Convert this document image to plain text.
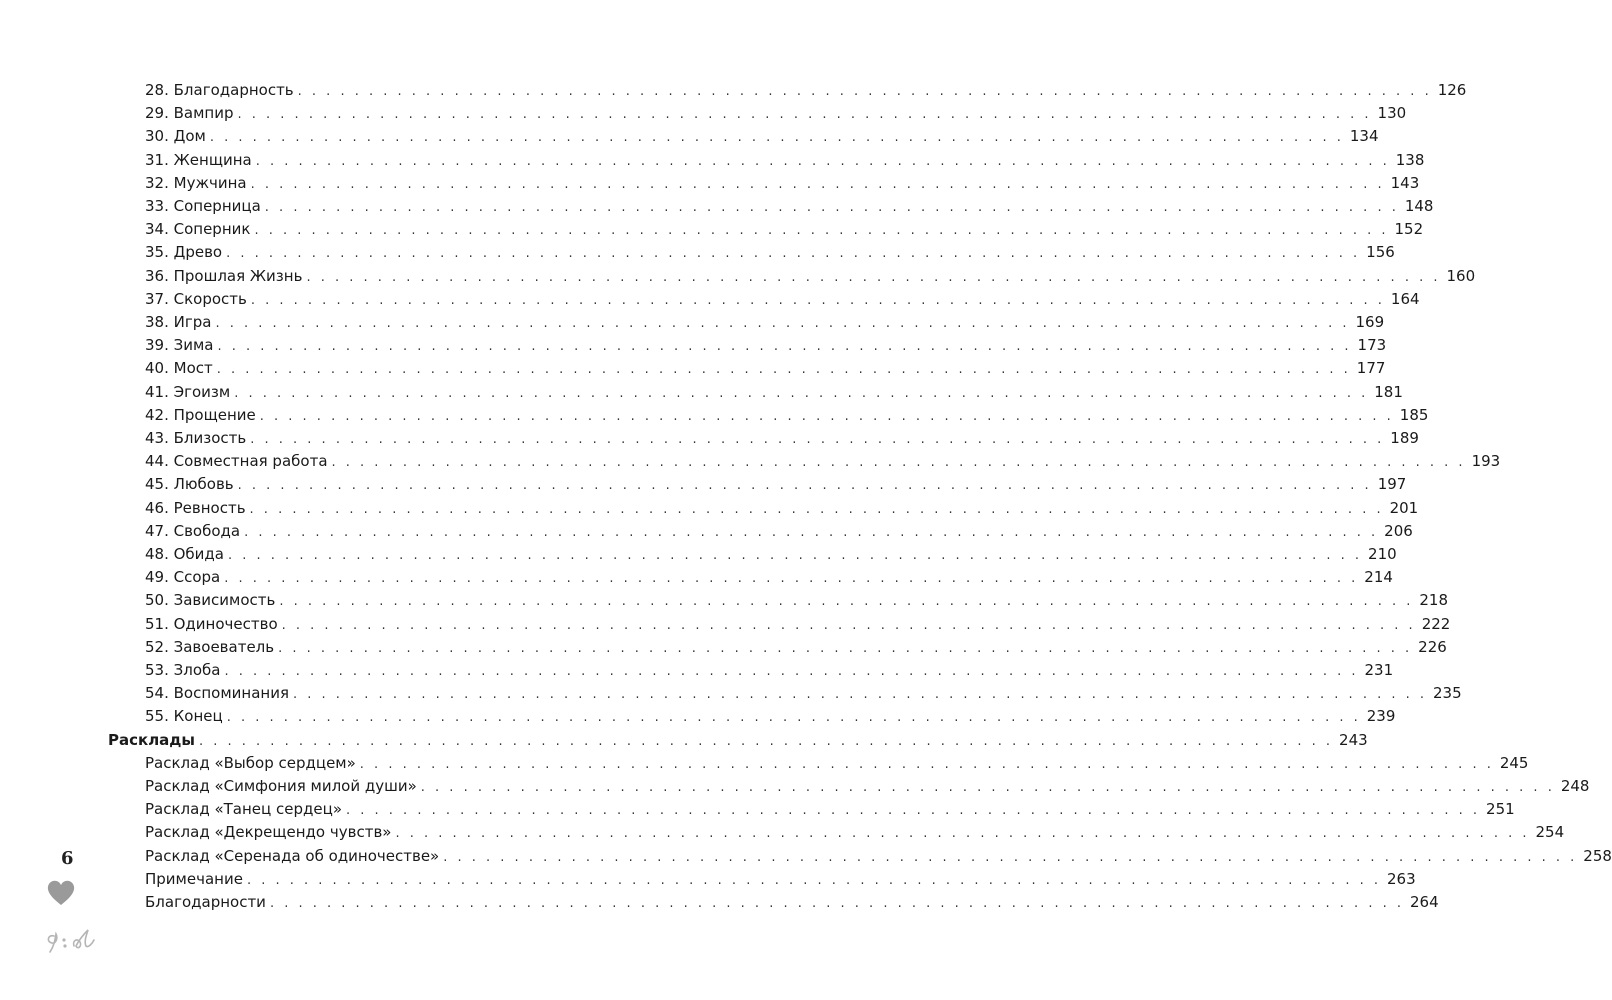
28. Благодарность . . . . . . . . . . . . . . . . . . . . . . . . . . . . . . . . . . . . . . . . . . . . . . . . . . . . . . . . . . . . . . . . . . . . . . . . . . . . . . . . 126
29. Вампир . . . . . . . . . . . . . . . . . . . . . . . . . . . . . . . . . . . . . . . . . . . . . . . . . . . . . . . . . . . . . . . . . . . . . . . . . . . . . . . . 130
30. Дом . . . . . . . . . . . . . . . . . . . . . . . . . . . . . . . . . . . . . . . . . . . . . . . . . . . . . . . . . . . . . . . . . . . . . . . . . . . . . . . . 134
31. Женщина . . . . . . . . . . . . . . . . . . . . . . . . . . . . . . . . . . . . . . . . . . . . . . . . . . . . . . . . . . . . . . . . . . . . . . . . . . . . . . . . 138
32. Мужчина . . . . . . . . . . . . . . . . . . . . . . . . . . . . . . . . . . . . . . . . . . . . . . . . . . . . . . . . . . . . . . . . . . . . . . . . . . . . . . . . 143
33. Соперница . . . . . . . . . . . . . . . . . . . . . . . . . . . . . . . . . . . . . . . . . . . . . . . . . . . . . . . . . . . . . . . . . . . . . . . . . . . . . . . . 148
34. Соперник . . . . . . . . . . . . . . . . . . . . . . . . . . . . . . . . . . . . . . . . . . . . . . . . . . . . . . . . . . . . . . . . . . . . . . . . . . . . . . . . 152
35. Древо . . . . . . . . . . . . . . . . . . . . . . . . . . . . . . . . . . . . . . . . . . . . . . . . . . . . . . . . . . . . . . . . . . . . . . . . . . . . . . . . 156
36. Прошлая Жизнь . . . . . . . . . . . . . . . . . . . . . . . . . . . . . . . . . . . . . . . . . . . . . . . . . . . . . . . . . . . . . . . . . . . . . . . . . . . . . . . . 160
37. Скорость . . . . . . . . . . . . . . . . . . . . . . . . . . . . . . . . . . . . . . . . . . . . . . . . . . . . . . . . . . . . . . . . . . . . . . . . . . . . . . . . 164
38. Игра . . . . . . . . . . . . . . . . . . . . . . . . . . . . . . . . . . . . . . . . . . . . . . . . . . . . . . . . . . . . . . . . . . . . . . . . . . . . . . . . 169
39. Зима . . . . . . . . . . . . . . . . . . . . . . . . . . . . . . . . . . . . . . . . . . . . . . . . . . . . . . . . . . . . . . . . . . . . . . . . . . . . . . . . 173
40. Мост . . . . . . . . . . . . . . . . . . . . . . . . . . . . . . . . . . . . . . . . . . . . . . . . . . . . . . . . . . . . . . . . . . . . . . . . . . . . . . . . 177
41. Эгоизм . . . . . . . . . . . . . . . . . . . . . . . . . . . . . . . . . . . . . . . . . . . . . . . . . . . . . . . . . . . . . . . . . . . . . . . . . . . . . . . . 181
42. Прощение . . . . . . . . . . . . . . . . . . . . . . . . . . . . . . . . . . . . . . . . . . . . . . . . . . . . . . . . . . . . . . . . . . . . . . . . . . . . . . . . 185
43. Близость . . . . . . . . . . . . . . . . . . . . . . . . . . . . . . . . . . . . . . . . . . . . . . . . . . . . . . . . . . . . . . . . . . . . . . . . . . . . . . . . 189
44. Совместная работа . . . . . . . . . . . . . . . . . . . . . . . . . . . . . . . . . . . . . . . . . . . . . . . . . . . . . . . . . . . . . . . . . . . . . . . . . . . . . . . . 193
45. Любовь . . . . . . . . . . . . . . . . . . . . . . . . . . . . . . . . . . . . . . . . . . . . . . . . . . . . . . . . . . . . . . . . . . . . . . . . . . . . . . . . 197
46. Ревность . . . . . . . . . . . . . . . . . . . . . . . . . . . . . . . . . . . . . . . . . . . . . . . . . . . . . . . . . . . . . . . . . . . . . . . . . . . . . . . . 201
47. Свобода . . . . . . . . . . . . . . . . . . . . . . . . . . . . . . . . . . . . . . . . . . . . . . . . . . . . . . . . . . . . . . . . . . . . . . . . . . . . . . . . 206
48. Обида . . . . . . . . . . . . . . . . . . . . . . . . . . . . . . . . . . . . . . . . . . . . . . . . . . . . . . . . . . . . . . . . . . . . . . . . . . . . . . . . 210
49. Ссора . . . . . . . . . . . . . . . . . . . . . . . . . . . . . . . . . . . . . . . . . . . . . . . . . . . . . . . . . . . . . . . . . . . . . . . . . . . . . . . . 214
50. Зависимость . . . . . . . . . . . . . . . . . . . . . . . . . . . . . . . . . . . . . . . . . . . . . . . . . . . . . . . . . . . . . . . . . . . . . . . . . . . . . . . . 218
51. Одиночество . . . . . . . . . . . . . . . . . . . . . . . . . . . . . . . . . . . . . . . . . . . . . . . . . . . . . . . . . . . . . . . . . . . . . . . . . . . . . . . . 222
52. Завоеватель . . . . . . . . . . . . . . . . . . . . . . . . . . . . . . . . . . . . . . . . . . . . . . . . . . . . . . . . . . . . . . . . . . . . . . . . . . . . . . . . 226
53. Злоба . . . . . . . . . . . . . . . . . . . . . . . . . . . . . . . . . . . . . . . . . . . . . . . . . . . . . . . . . . . . . . . . . . . . . . . . . . . . . . . . 231
54. Воспоминания . . . . . . . . . . . . . . . . . . . . . . . . . . . . . . . . . . . . . . . . . . . . . . . . . . . . . . . . . . . . . . . . . . . . . . . . . . . . . . . . 235
55. Конец . . . . . . . . . . . . . . . . . . . . . . . . . . . . . . . . . . . . . . . . . . . . . . . . . . . . . . . . . . . . . . . . . . . . . . . . . . . . . . . . 239
Расклады . . . . . . . . . . . . . . . . . . . . . . . . . . . . . . . . . . . . . . . . . . . . . . . . . . . . . . . . . . . . . . . . . . . . . . . . . . . . . . . . 243
Расклад «Выбор сердцем» . . . . . . . . . . . . . . . . . . . . . . . . . . . . . . . . . . . . . . . . . . . . . . . . . . . . . . . . . . . . . . . . . . . . . . . . . . . . . . . . 245
Расклад «Симфония милой души» . . . . . . . . . . . . . . . . . . . . . . . . . . . . . . . . . . . . . . . . . . . . . . . . . . . . . . . . . . . . . . . . . . . . . . . . . . . . . . . . 248
Расклад «Танец сердец» . . . . . . . . . . . . . . . . . . . . . . . . . . . . . . . . . . . . . . . . . . . . . . . . . . . . . . . . . . . . . . . . . . . . . . . . . . . . . . . . 251
Расклад «Декрещендо чувств» . . . . . . . . . . . . . . . . . . . . . . . . . . . . . . . . . . . . . . . . . . . . . . . . . . . . . . . . . . . . . . . . . . . . . . . . . . . . . . . . 254
Расклад «Серенада об одиночестве» . . . . . . . . . . . . . . . . . . . . . . . . . . . . . . . . . . . . . . . . . . . . . . . . . . . . . . . . . . . . . . . . . . . . . . . . . . . . . . . . 258
Примечание . . . . . . . . . . . . . . . . . . . . . . . . . . . . . . . . . . . . . . . . . . . . . . . . . . . . . . . . . . . . . . . . . . . . . . . . . . . . . . . . 263
Благодарности . . . . . . . . . . . . . . . . . . . . . . . . . . . . . . . . . . . . . . . . . . . . . . . . . . . . . . . . . . . . . . . . . . . . . . . . . . . . . . . . 264
6
